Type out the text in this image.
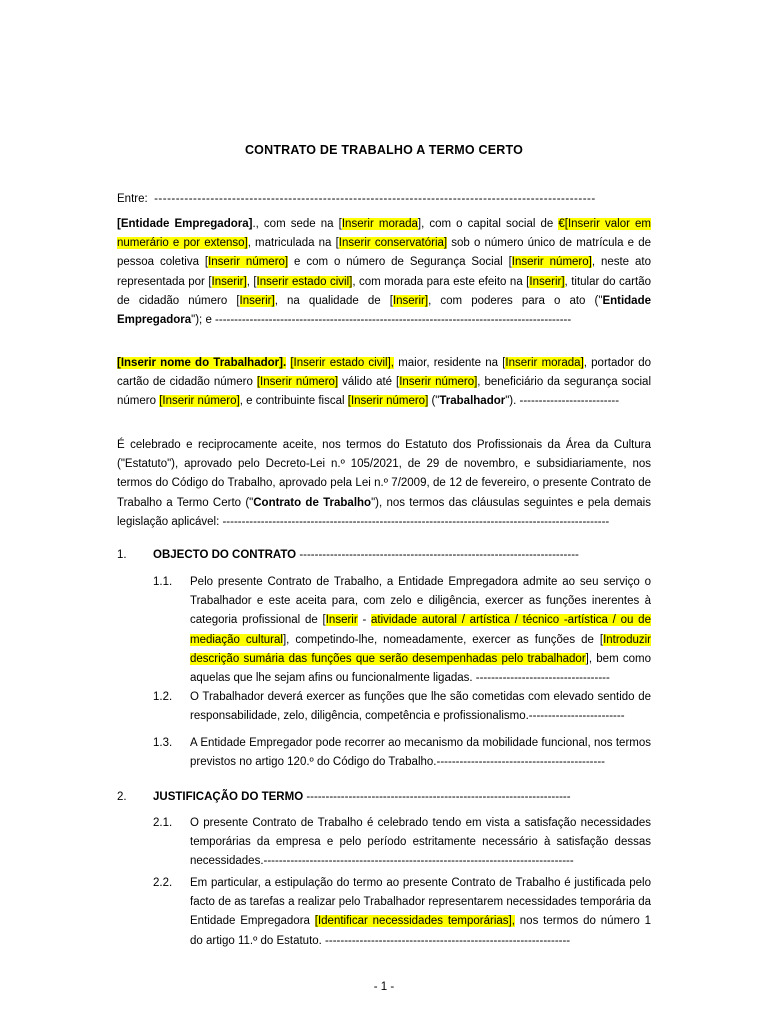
CONTRATO DE TRABALHO A TERMO CERTO
Entre: ------------------------------------------------------------------------------------------------------
[Entidade Empregadora]., com sede na [Inserir morada], com o capital social de €[Inserir valor em numerário e por extenso], matriculada na [Inserir conservatória] sob o número único de matrícula e de pessoa coletiva [Inserir número] e com o número de Segurança Social [Inserir número], neste ato representada por [Inserir], [Inserir estado civil], com morada para este efeito na [Inserir], titular do cartão de cidadão número [Inserir], na qualidade de [Inserir], com poderes para o ato ("Entidade Empregadora"); e ---------------------------------------------------------------------------------------------
[Inserir nome do Trabalhador]. [Inserir estado civil], maior, residente na [Inserir morada], portador do cartão de cidadão número [Inserir número] válido até [Inserir número], beneficiário da segurança social número [Inserir número], e contribuinte fiscal [Inserir número] ("Trabalhador"). --------------------------
É celebrado e reciprocamente aceite, nos termos do Estatuto dos Profissionais da Área da Cultura ("Estatuto"), aprovado pelo Decreto-Lei n.º 105/2021, de 29 de novembro, e subsidiariamente, nos termos do Código do Trabalho, aprovado pela Lei n.º 7/2009, de 12 de fevereiro, o presente Contrato de Trabalho a Termo Certo ("Contrato de Trabalho"), nos termos das cláusulas seguintes e pela demais legislação aplicável: -----------------------------------------------------------------------------------------------------
1. OBJECTO DO CONTRATO -------------------------------------------------------------------------
1.1. Pelo presente Contrato de Trabalho, a Entidade Empregadora admite ao seu serviço o Trabalhador e este aceita para, com zelo e diligência, exercer as funções inerentes à categoria profissional de [Inserir - atividade autoral / artística / técnico -artística / ou de mediação cultural], competindo-lhe, nomeadamente, exercer as funções de [Introduzir descrição sumária das funções que serão desempenhadas pelo trabalhador], bem como aquelas que lhe sejam afins ou funcionalmente ligadas. -----------------------------------
1.2. O Trabalhador deverá exercer as funções que lhe são cometidas com elevado sentido de responsabilidade, zelo, diligência, competência e profissionalismo.-------------------------
1.3. A Entidade Empregador pode recorrer ao mecanismo da mobilidade funcional, nos termos previstos no artigo 120.º do Código do Trabalho.--------------------------------------------
2. JUSTIFICAÇÃO DO TERMO ---------------------------------------------------------------------
2.1. O presente Contrato de Trabalho é celebrado tendo em vista a satisfação necessidades temporárias da empresa e pelo período estritamente necessário à satisfação dessas necessidades.---------------------------------------------------------------------------------
2.2. Em particular, a estipulação do termo ao presente Contrato de Trabalho é justificada pelo facto de as tarefas a realizar pelo Trabalhador representarem necessidades temporária da Entidade Empregadora [Identificar necessidades temporárias], nos termos do número 1 do artigo 11.º do Estatuto. ----------------------------------------------------------------
- 1 -
